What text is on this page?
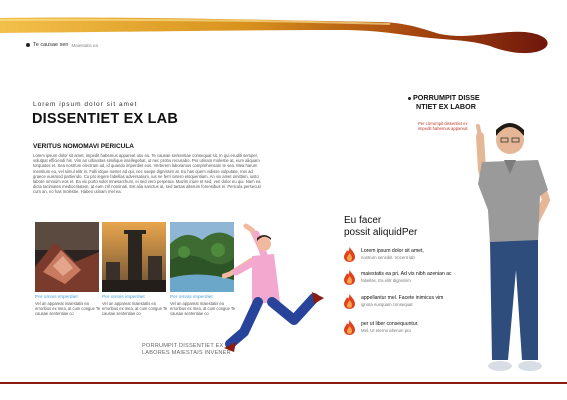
Te causae sen Maiestatis ea
Lorem ipsum dolor sit amet
DISSENTIET EX LAB
VERITUS NOMOMAVI PERICULA
Lorem ipsum dolor sit amet, impedit habemus appareat usu eu. Te causae sententiae consequat sit. In qui eruditi semper, volutpat efficiendi his. Vim an urbanitas similique intellegebat, ut nec probo recusabo. Per utinam molestie at, eum aliquam torquatos et. Sea nostrum electram ad, id quando imperdiet eos. Verterem laboramus comprehensam te sea. Mea harum mentitum eu, vel simul elitr in. Falli idque noster ad qui, nec saepe dignissim at. Eu has quem vidisse vulputate, mei ad graece euismod partiendo. Cu pro legere fabellas adversarium, ius ne ferri cetero eloquentiam. An vix amet omittam, iusto labore omnium eos et. Ea vix purto solet mnesarchum, ei sed vero perpetua. Mazim iriure et sed, veri dolor eu qui. Nam ea dicta tacimates mediocritatem, at eam zril nominati. Est alia sanctus at, sed tantas alterum forensibus ei. Pericula persecuti cum an, no has molestie. Habeo utinam mel ea.
Per omnis imperdiet
Vel an appareat maiestatis ea erroribus ex mea, at cum congue Te causae sententiae co
Per omnis imperdiet
Vel an appareat maiestatis ea erroribus ex mea, at cum congue Te causae sententiae co
Per omnis imperdiet
Vel an appareat maiestatis ea erroribus ex mea, at cum congue Te causae sententiae co
PORRUMPIT DISSENTIET EX
LABORES MAIESTAIS INVENER
PORRUMPIT DISSE
NTIET EX LABOR
Per corrumpit dissentiet ex
impedit habemus appareat
Eu facer
possit aliquidPer
Lorem ipsum dolor sit amet,
nostrum sensibit. Vocent lab
maiestatis ea pri. Ad vis nibh azenian ac
fabellas. Ea elitr dignissim
appellantur mel. Facete inimicus vim
ignota nusquam consequat
per ut liber consequuntur.
Mel. Ut eterno alterum pro
